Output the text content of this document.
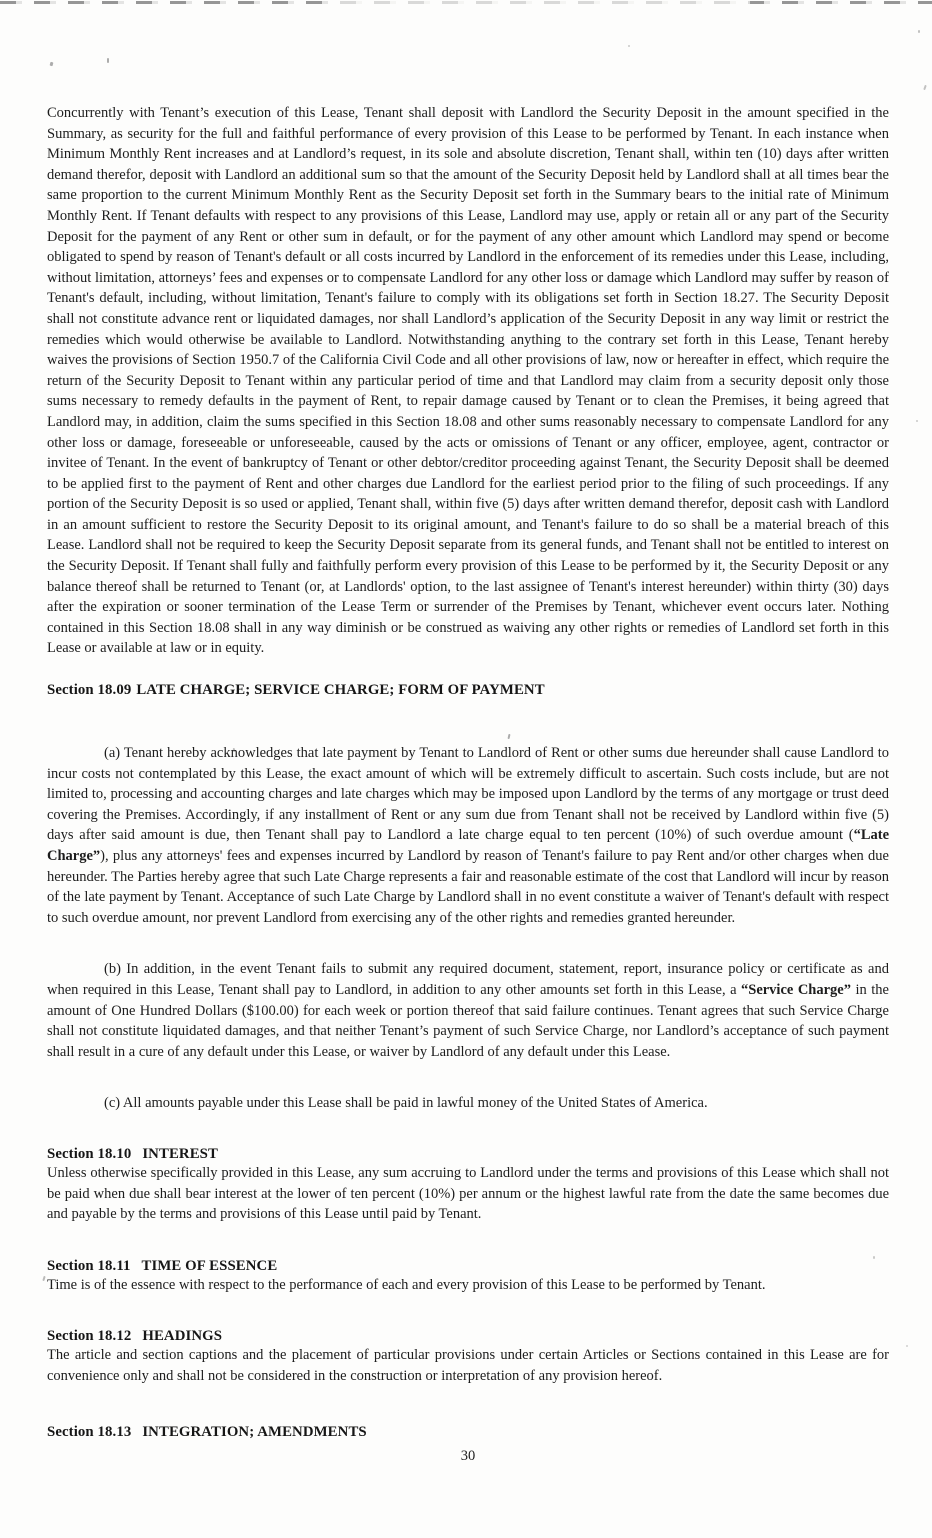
Concurrently with Tenant’s execution of this Lease, Tenant shall deposit with Landlord the Security Deposit in the amount specified in the Summary, as security for the full and faithful performance of every provision of this Lease to be performed by Tenant. In each instance when Minimum Monthly Rent increases and at Landlord’s request, in its sole and absolute discretion, Tenant shall, within ten (10) days after written demand therefor, deposit with Landlord an additional sum so that the amount of the Security Deposit held by Landlord shall at all times bear the same proportion to the current Minimum Monthly Rent as the Security Deposit set forth in the Summary bears to the initial rate of Minimum Monthly Rent. If Tenant defaults with respect to any provisions of this Lease, Landlord may use, apply or retain all or any part of the Security Deposit for the payment of any Rent or other sum in default, or for the payment of any other amount which Landlord may spend or become obligated to spend by reason of Tenant's default or all costs incurred by Landlord in the enforcement of its remedies under this Lease, including, without limitation, attorneys’ fees and expenses or to compensate Landlord for any other loss or damage which Landlord may suffer by reason of Tenant's default, including, without limitation, Tenant's failure to comply with its obligations set forth in Section 18.27. The Security Deposit shall not constitute advance rent or liquidated damages, nor shall Landlord’s application of the Security Deposit in any way limit or restrict the remedies which would otherwise be available to Landlord. Notwithstanding anything to the contrary set forth in this Lease, Tenant hereby waives the provisions of Section 1950.7 of the California Civil Code and all other provisions of law, now or hereafter in effect, which require the return of the Security Deposit to Tenant within any particular period of time and that Landlord may claim from a security deposit only those sums necessary to remedy defaults in the payment of Rent, to repair damage caused by Tenant or to clean the Premises, it being agreed that Landlord may, in addition, claim the sums specified in this Section 18.08 and other sums reasonably necessary to compensate Landlord for any other loss or damage, foreseeable or unforeseeable, caused by the acts or omissions of Tenant or any officer, employee, agent, contractor or invitee of Tenant. In the event of bankruptcy of Tenant or other debtor/creditor proceeding against Tenant, the Security Deposit shall be deemed to be applied first to the payment of Rent and other charges due Landlord for the earliest period prior to the filing of such proceedings. If any portion of the Security Deposit is so used or applied, Tenant shall, within five (5) days after written demand therefor, deposit cash with Landlord in an amount sufficient to restore the Security Deposit to its original amount, and Tenant's failure to do so shall be a material breach of this Lease. Landlord shall not be required to keep the Security Deposit separate from its general funds, and Tenant shall not be entitled to interest on the Security Deposit. If Tenant shall fully and faithfully perform every provision of this Lease to be performed by it, the Security Deposit or any balance thereof shall be returned to Tenant (or, at Landlords' option, to the last assignee of Tenant's interest hereunder) within thirty (30) days after the expiration or sooner termination of the Lease Term or surrender of the Premises by Tenant, whichever event occurs later. Nothing contained in this Section 18.08 shall in any way diminish or be construed as waiving any other rights or remedies of Landlord set forth in this Lease or available at law or in equity.

Section 18.09 LATE CHARGE; SERVICE CHARGE; FORM OF PAYMENT

(a) Tenant hereby acknowledges that late payment by Tenant to Landlord of Rent or other sums due hereunder shall cause Landlord to incur costs not contemplated by this Lease, the exact amount of which will be extremely difficult to ascertain. Such costs include, but are not limited to, processing and accounting charges and late charges which may be imposed upon Landlord by the terms of any mortgage or trust deed covering the Premises. Accordingly, if any installment of Rent or any sum due from Tenant shall not be received by Landlord within five (5) days after said amount is due, then Tenant shall pay to Landlord a late charge equal to ten percent (10%) of such overdue amount (“Late Charge”), plus any attorneys' fees and expenses incurred by Landlord by reason of Tenant's failure to pay Rent and/or other charges when due hereunder. The Parties hereby agree that such Late Charge represents a fair and reasonable estimate of the cost that Landlord will incur by reason of the late payment by Tenant. Acceptance of such Late Charge by Landlord shall in no event constitute a waiver of Tenant's default with respect to such overdue amount, nor prevent Landlord from exercising any of the other rights and remedies granted hereunder.

(b) In addition, in the event Tenant fails to submit any required document, statement, report, insurance policy or certificate as and when required in this Lease, Tenant shall pay to Landlord, in addition to any other amounts set forth in this Lease, a “Service Charge” in the amount of One Hundred Dollars ($100.00) for each week or portion thereof that said failure continues. Tenant agrees that such Service Charge shall not constitute liquidated damages, and that neither Tenant’s payment of such Service Charge, nor Landlord’s acceptance of such payment shall result in a cure of any default under this Lease, or waiver by Landlord of any default under this Lease.

(c) All amounts payable under this Lease shall be paid in lawful money of the United States of America.

Section 18.10 INTEREST

Unless otherwise specifically provided in this Lease, any sum accruing to Landlord under the terms and provisions of this Lease which shall not be paid when due shall bear interest at the lower of ten percent (10%) per annum or the highest lawful rate from the date the same becomes due and payable by the terms and provisions of this Lease until paid by Tenant.

Section 18.11 TIME OF ESSENCE

Time is of the essence with respect to the performance of each and every provision of this Lease to be performed by Tenant.

Section 18.12 HEADINGS

The article and section captions and the placement of particular provisions under certain Articles or Sections contained in this Lease are for convenience only and shall not be considered in the construction or interpretation of any provision hereof.

Section 18.13 INTEGRATION; AMENDMENTS
30
